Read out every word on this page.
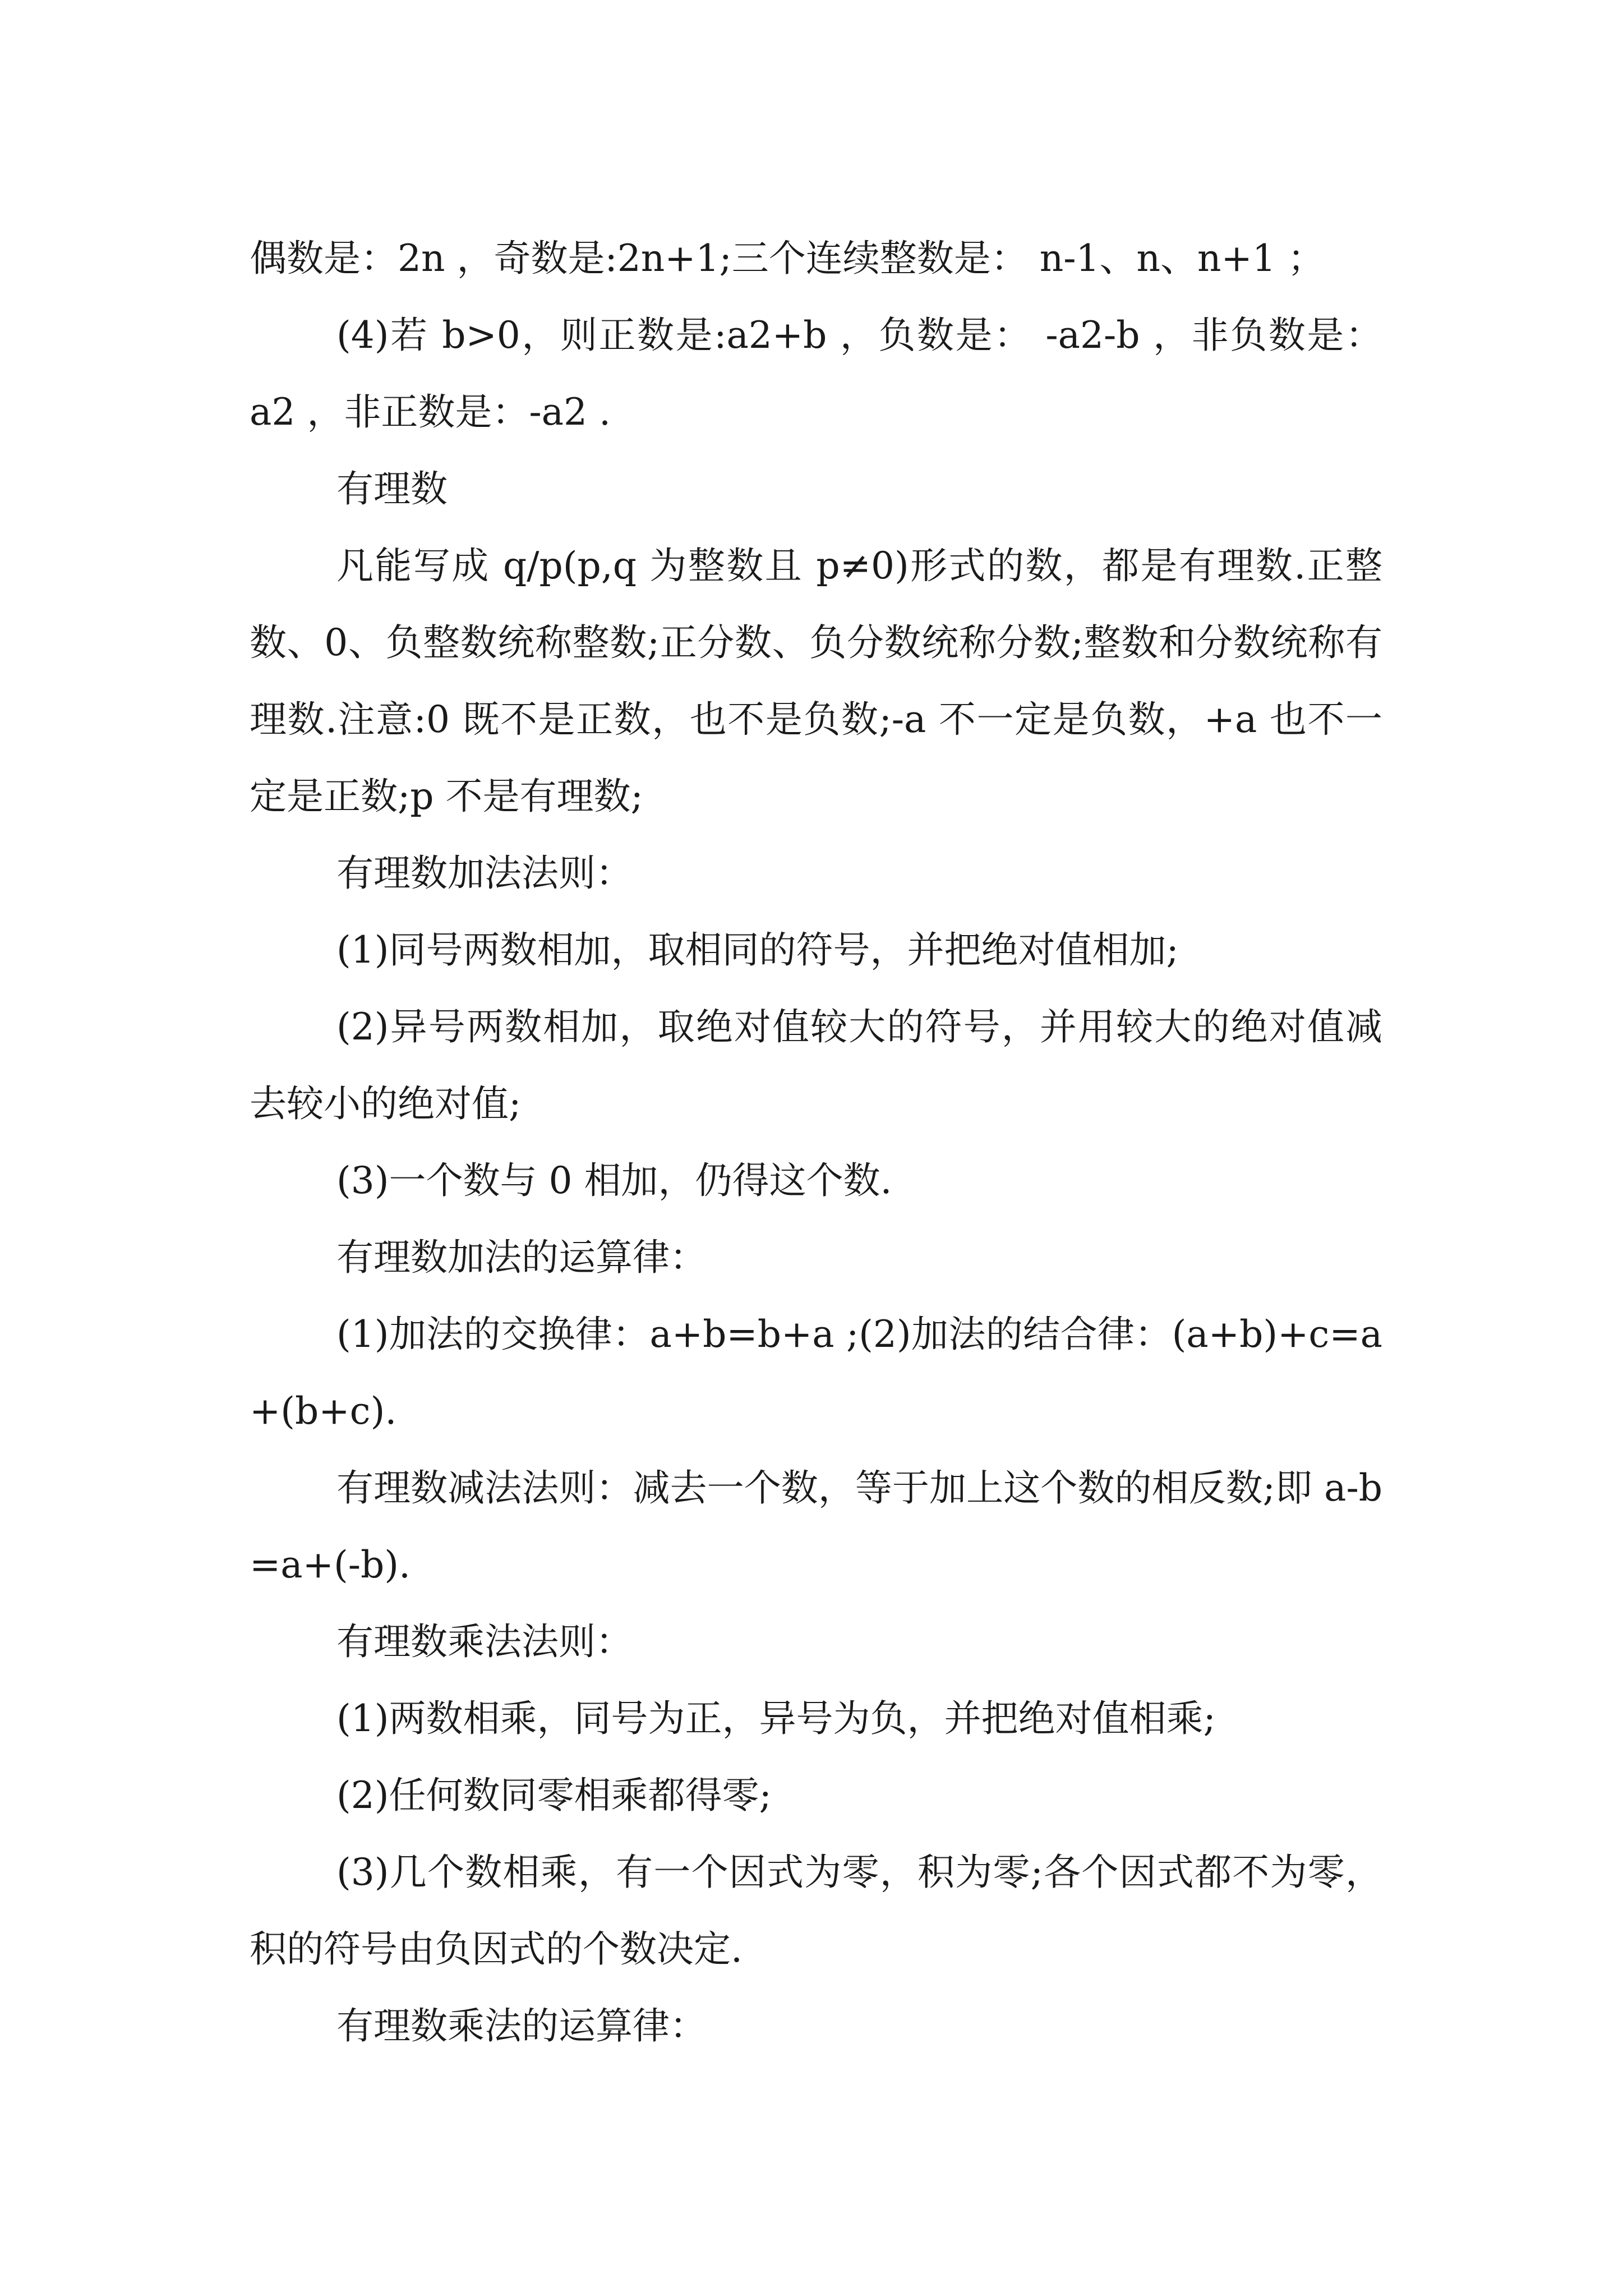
偶数是：2n ，奇数是:2n+1;三个连续整数是： n-1、n、n+1 ；

(4)若 b>0，则正数是:a2+b ，负数是： -a2-b ，非负数是： a2 ，非正数是：-a2 .

有理数

凡能写成 q/p(p,q 为整数且 p≠0)形式的数，都是有理数.正整数、0、负整数统称整数;正分数、负分数统称分数;整数和分数统称有理数.注意:0 既不是正数，也不是负数;-a 不一定是负数，+a 也不一定是正数;p 不是有理数;

有理数加法法则：

(1)同号两数相加，取相同的符号，并把绝对值相加;

(2)异号两数相加，取绝对值较大的符号，并用较大的绝对值减去较小的绝对值;

(3)一个数与 0 相加，仍得这个数.

有理数加法的运算律：

(1)加法的交换律：a+b=b+a ;(2)加法的结合律：(a+b)+c=a+(b+c).

有理数减法法则：减去一个数，等于加上这个数的相反数;即 a-b=a+(-b).

有理数乘法法则：

(1)两数相乘，同号为正，异号为负，并把绝对值相乘;

(2)任何数同零相乘都得零;

(3)几个数相乘，有一个因式为零，积为零;各个因式都不为零，积的符号由负因式的个数决定.

有理数乘法的运算律：
